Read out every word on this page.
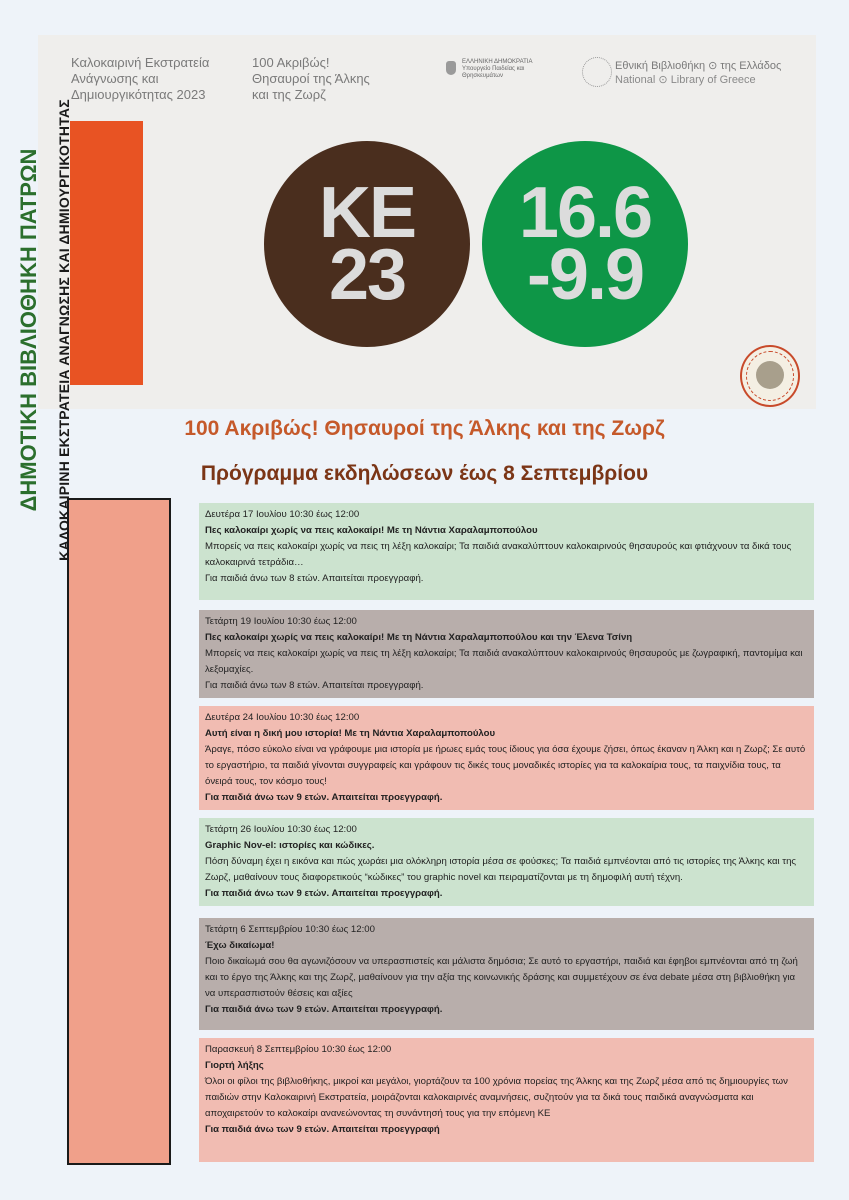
Καλοκαιρινή Εκστρατεία
Ανάγνωσης και
Δημιουργικότητας 2023
100 Ακριβώς!
Θησαυροί της Άλκης
και της Ζωρζ
ΕΛΛΗΝΙΚΗ ΔΗΜΟΚΡΑΤΙΑ
Υπουργείο Παιδείας και
Θρησκευμάτων
Εθνική Βιβλιοθήκη ⊙ της Ελλάδος
National ⊙ Library of Greece
ΚΕ
23
16.6
-9.9
100 Ακριβώς! Θησαυροί της Άλκης και της Ζωρζ
Πρόγραμμα εκδηλώσεων έως 8 Σεπτεμβρίου
ΔΗΜΟΤΙΚΗ ΒΙΒΛΙΟΘΗΚΗ ΠΑΤΡΩΝ ΚΑΛΟΚΑΙΡΙΝΗ ΕΚΣΤΡΑΤΕΙΑ ΑΝΑΓΝΩΣΗΣ ΚΑΙ ΔΗΜΙΟΥΡΓΙΚΟΤΗΤΑΣ	Δευτέρα 17 Ιουλίου 10:30 έως 12:00

Πες καλοκαίρι χωρίς να πεις καλοκαίρι! Με τη Νάντια Χαραλαμποπούλου

Μπορείς να πεις καλοκαίρι χωρίς να πεις τη λέξη καλοκαίρι; Τα παιδιά ανακαλύπτουν καλοκαιρινούς θησαυρούς και φτιάχνουν τα δικά τους καλοκαιρινά τετράδια…

Για παιδιά άνω των 8 ετών. Απαιτείται προεγγραφή.

Τετάρτη 19 Ιουλίου 10:30 έως 12:00

Πες καλοκαίρι χωρίς να πεις καλοκαίρι! Με τη Νάντια Χαραλαμποπούλου και την Έλενα Τσίνη

Μπορείς να πεις καλοκαίρι χωρίς να πεις τη λέξη καλοκαίρι; Τα παιδιά ανακαλύπτουν καλοκαιρινούς θησαυρούς με ζωγραφική, παντομίμα και λεξομαχίες.

Για παιδιά άνω των 8 ετών. Απαιτείται προεγγραφή.

Δευτέρα 24 Ιουλίου 10:30 έως 12:00

Αυτή είναι η δική μου ιστορία! Με τη Νάντια Χαραλαμποπούλου

Άραγε, πόσο εύκολο είναι να γράφουμε μια ιστορία με ήρωες εμάς τους ίδιους για όσα έχουμε ζήσει, όπως έκαναν η Άλκη και η Ζωρζ; Σε αυτό το εργαστήριο, τα παιδιά γίνονται συγγραφείς και γράφουν τις δικές τους μοναδικές ιστορίες για τα καλοκαίρια τους, τα παιχνίδια τους, τα όνειρά τους, τον κόσμο τους!

Για παιδιά άνω των 9 ετών. Απαιτείται προεγγραφή.

Τετάρτη 26 Ιουλίου 10:30 έως 12:00

Graphic Nov-el: ιστορίες και κώδικες.

Πόση δύναμη έχει η εικόνα και πώς χωράει μια ολόκληρη ιστορία μέσα σε φούσκες; Τα παιδιά εμπνέονται από τις ιστορίες της Άλκης και της Ζωρζ, μαθαίνουν τους διαφορετικούς “κώδικες” του graphic novel και πειραματίζονται με τη δημοφιλή αυτή τέχνη.

Για παιδιά άνω των 9 ετών. Απαιτείται προεγγραφή.

Τετάρτη 6 Σεπτεμβρίου 10:30 έως 12:00

Έχω δικαίωμα!

Ποιο δικαίωμά σου θα αγωνιζόσουν να υπερασπιστείς και μάλιστα δημόσια; Σε αυτό το εργαστήρι, παιδιά και έφηβοι εμπνέονται από τη ζωή και το έργο της Άλκης και της Ζωρζ, μαθαίνουν για την αξία της κοινωνικής δράσης και συμμετέχουν σε ένα debate μέσα στη βιβλιοθήκη για να υπερασπιστούν θέσεις και αξίες

Για παιδιά άνω των 9 ετών. Απαιτείται προεγγραφή.

Παρασκευή 8 Σεπτεμβρίου 10:30 έως 12:00

Γιορτή λήξης

Όλοι οι φίλοι της βιβλιοθήκης, μικροί και μεγάλοι, γιορτάζουν τα 100 χρόνια πορείας της Άλκης και της Ζωρζ μέσα από τις δημιουργίες των παιδιών στην Καλοκαιρινή Εκστρατεία, μοιράζονται καλοκαιρινές αναμνήσεις, συζητούν για τα δικά τους παιδικά αναγνώσματα και αποχαιρετούν το καλοκαίρι ανανεώνοντας τη συνάντησή τους για την επόμενη ΚΕ

Για παιδιά άνω των 9 ετών. Απαιτείται προεγγραφή
